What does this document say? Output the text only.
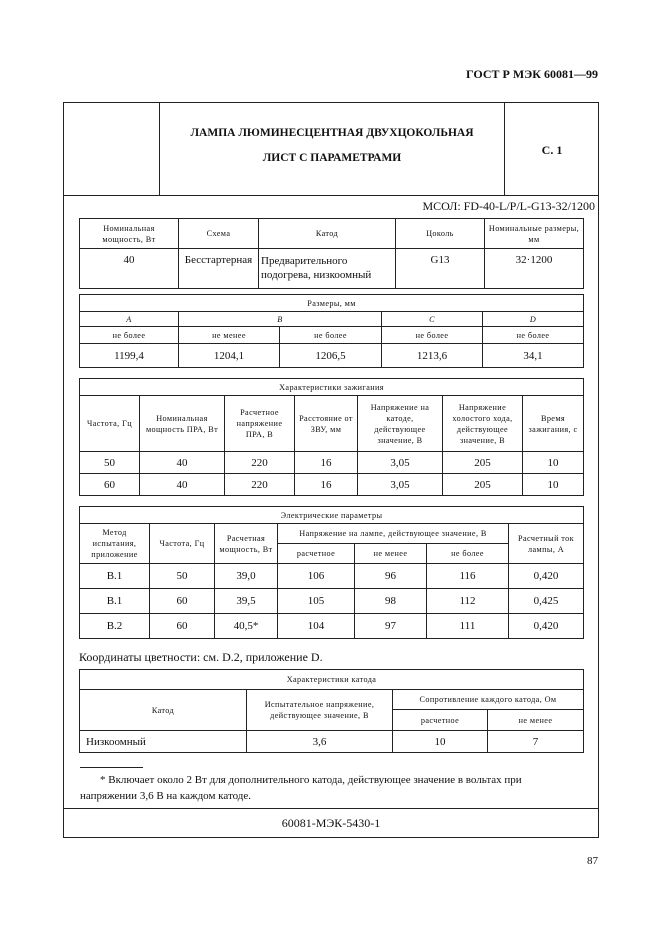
ГОСТ Р МЭК 60081—99
ЛАМПА ЛЮМИНЕСЦЕНТНАЯ ДВУХЦОКОЛЬНАЯ
ЛИСТ С ПАРАМЕТРАМИ
С. 1
МСОЛ: FD-40-L/P/L-G13-32/1200
Номинальная мощность, Вт	Схема	Катод	Цоколь	Номинальные размеры, мм
40	Бесстартерная	Предварительного подогрева, низкоомный	G13	32·1200
Размеры, мм				
A	B		C	D
не более	не менее	не более	не более	не более
1199,4	1204,1	1206,5	1213,6	34,1
Характеристики зажигания						
Частота, Гц	Номинальная мощность ПРА, Вт	Расчетное напряжение ПРА, В	Расстояние от ЗВУ, мм	Напряжение на катоде, действующее значение, В	Напряжение холостого хода, действующее значение, В	Время зажигания, с
50	40	220	16	3,05	205	10
60	40	220	16	3,05	205	10
Электрические параметры						
Метод испытания, приложение	Частота, Гц	Расчетная мощность, Вт	Напряжение на лампе, действующее значение, В			Расчетный ток лампы, А
			расчетное	не менее	не более	
B.1	50	39,0	106	96	116	0,420
B.1	60	39,5	105	98	112	0,425
B.2	60	40,5*	104	97	111	0,420
Координаты цветности: см. D.2, приложение D.
Характеристики катода			
Катод	Испытательное напряжение, действующее значение, В	Сопротивление каждого катода, Ом	
		расчетное	не менее
Низкоомный	3,6	10	7
* Включает около 2 Вт для дополнительного катода, действующее значение в вольтах при напряжении 3,6 В на каждом катоде.
60081-МЭК-5430-1
87
